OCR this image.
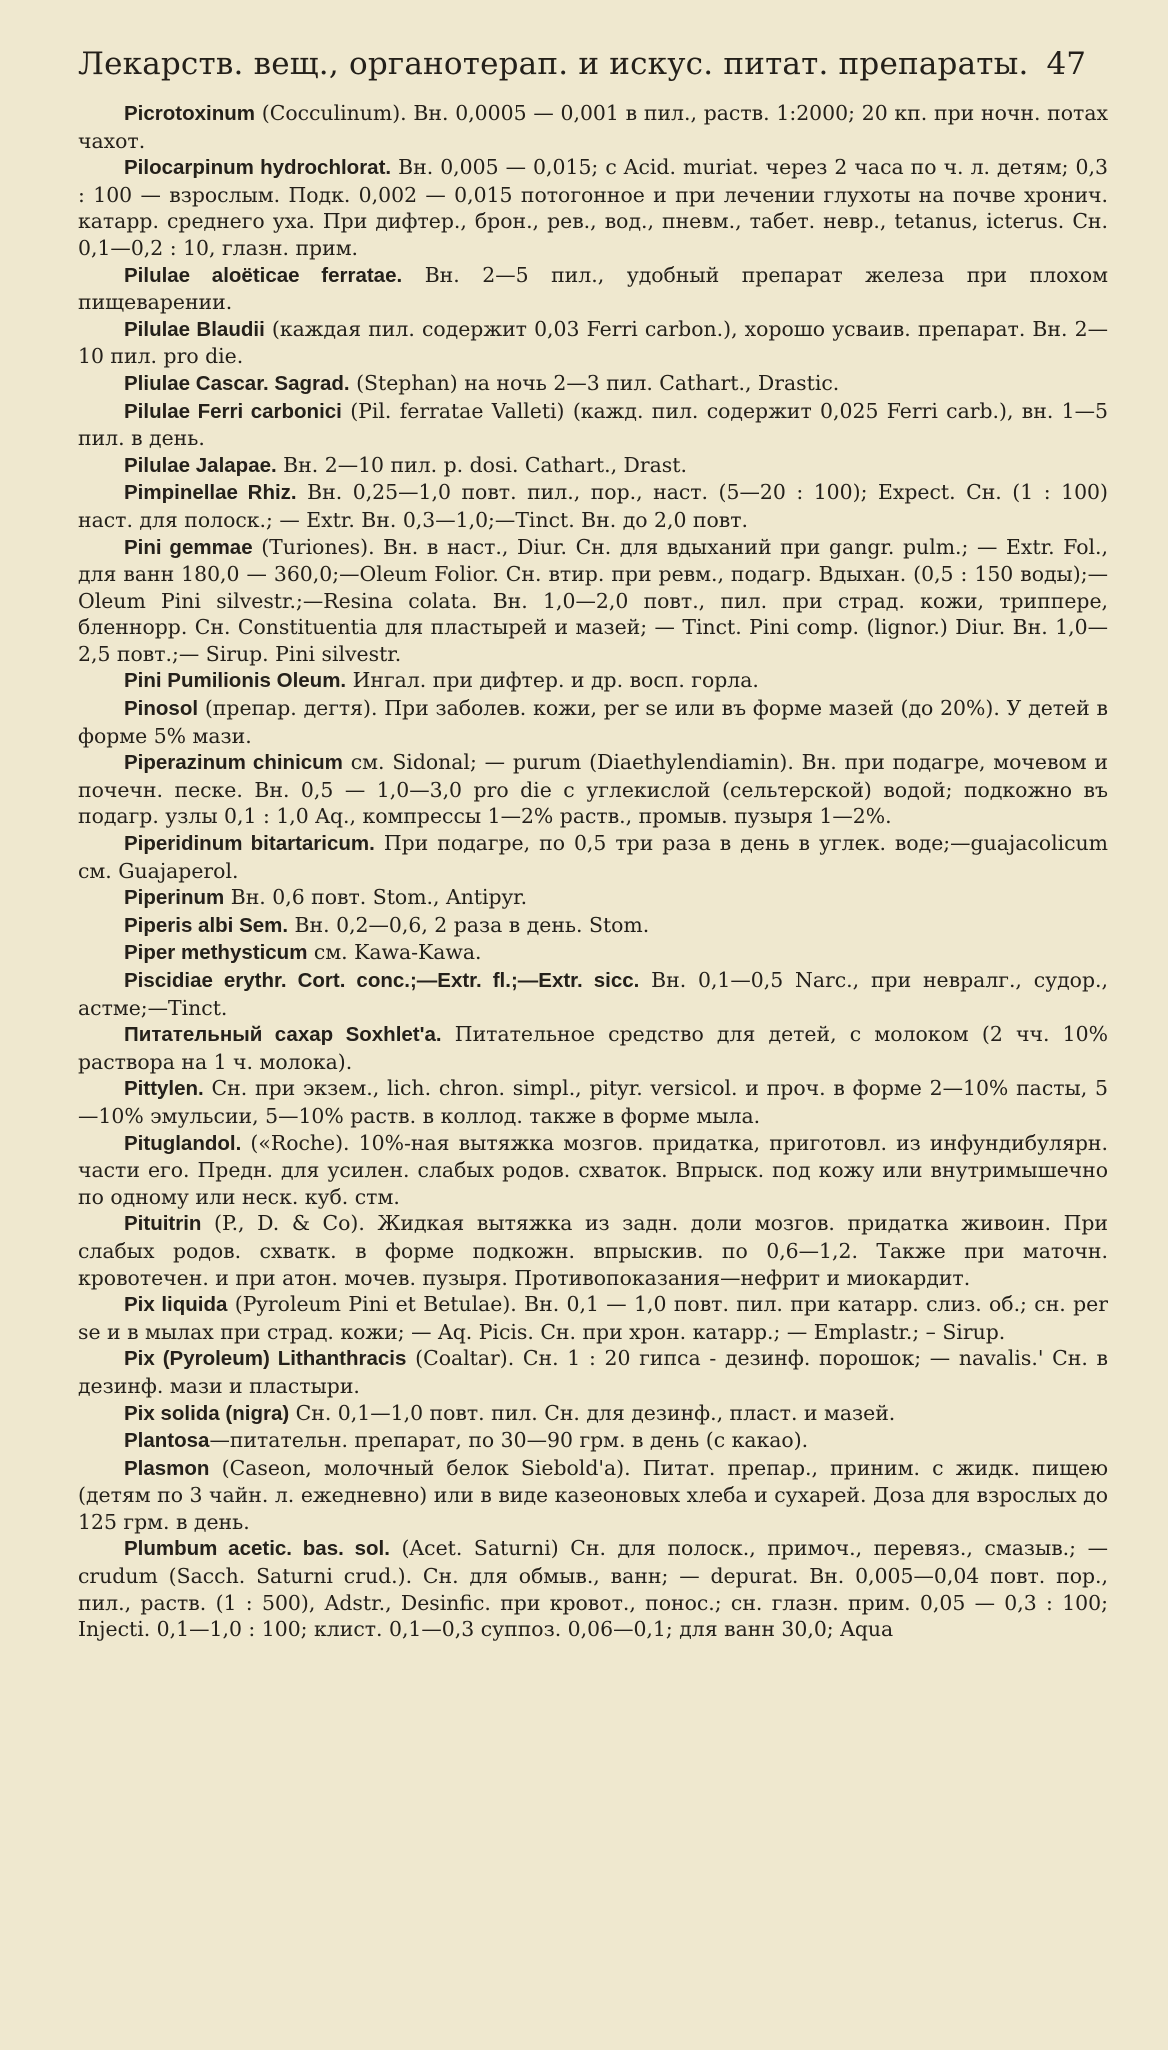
Лекарств. вещ., органотерап. и искус. питат. препараты. 47

Picrotoxinum (Cocculinum). Вн. 0,0005 — 0,001 в пил., раств. 1:2000; 20 кп. при ночн. потах чахот.

Pilocarpinum hydrochlorat. Вн. 0,005 — 0,015; с Acid. muriat. через 2 часа по ч. л. детям; 0,3 : 100 — взрослым. Подк. 0,002 — 0,015 потогонное и при лечении глухоты на почве хронич. катарр. среднего уха. При дифтер., брон., рев., вод., пневм., табет. невр., tetanus, icterus. Сн. 0,1—0,2 : 10, глазн. прим.

Pilulae aloëticae ferratae. Вн. 2—5 пил., удобный препарат железа при плохом пищеварении.

Pilulae Blaudii (каждая пил. содержит 0,03 Ferri carbon.), хорошо усваив. препарат. Вн. 2—10 пил. pro die.

Pliulae Cascar. Sagrad. (Stephan) на ночь 2—3 пил. Cathart., Drastic.

Pilulae Ferri carbonici (Pil. ferratae Valleti) (кажд. пил. содержит 0,025 Ferri carb.), вн. 1—5 пил. в день.

Pilulae Jalapae. Вн. 2—10 пил. p. dosi. Cathart., Drast.

Pimpinellae Rhiz. Вн. 0,25—1,0 повт. пил., пор., наст. (5—20 : 100); Expect. Сн. (1 : 100) наст. для полоск.; — Extr. Вн. 0,3—1,0;—Tinct. Вн. до 2,0 повт.

Pini gemmae (Turiones). Вн. в наст., Diur. Сн. для вдыханий при gangr. pulm.; — Extr. Fol., для ванн 180,0 — 360,0;—Oleum Folior. Сн. втир. при ревм., подагр. Вдыхан. (0,5 : 150 воды);—Oleum Pini silvestr.;—Resina colata. Вн. 1,0—2,0 повт., пил. при страд. кожи, триппере, бленнорр. Сн. Constituentia для пластырей и мазей; — Tinct. Pini comp. (lignor.) Diur. Вн. 1,0—2,5 повт.;— Sirup. Pini silvestr.

Pini Pumilionis Oleum. Ингал. при дифтер. и др. восп. горла.

Pinosol (препар. дегтя). При заболев. кожи, per se или въ форме мазей (до 20%). У детей в форме 5% мази.

Piperazinum chinicum см. Sidonal; — purum (Diaethylendiamin). Вн. при подагре, мочевом и почечн. песке. Вн. 0,5 — 1,0—3,0 pro die с углекислой (сельтерской) водой; подкожно въ подагр. узлы 0,1 : 1,0 Aq., компрессы 1—2% раств., промыв. пузыря 1—2%.

Piperidinum bitartaricum. При подагре, по 0,5 три раза в день в углек. воде;—guajacolicum см. Guajaperol.

Piperinum Вн. 0,6 повт. Stom., Antipyr.

Piperis albi Sem. Вн. 0,2—0,6, 2 раза в день. Stom.

Piper methysticum см. Kawa-Kawa.

Piscidiae erythr. Cort. conc.;—Extr. fl.;—Extr. sicc. Вн. 0,1—0,5 Narc., при невралг., судор., астме;—Tinct.

Питательный сахар Soxhlet'a. Питательное средство для детей, с молоком (2 чч. 10% раствора на 1 ч. молока).

Pittylen. Сн. при экзем., lich. chron. simpl., pityr. versicol. и проч. в форме 2—10% пасты, 5—10% эмульсии, 5—10% раств. в коллод. также в форме мыла.

Pituglandol. («Roche). 10%-ная вытяжка мозгов. придатка, приготовл. из инфундибулярн. части его. Предн. для усилен. слабых родов. схваток. Впрыск. под кожу или внутримышечно по одному или неск. куб. стм.

Pituitrin (P., D. & Co). Жидкая вытяжка из задн. доли мозгов. придатка живоин. При слабых родов. схватк. в форме подкожн. впрыскив. по 0,6—1,2. Также при маточн. кровотечен. и при атон. мочев. пузыря. Противопоказания—нефрит и миокардит.

Pix liquida (Pyroleum Pini et Betulae). Вн. 0,1 — 1,0 повт. пил. при катарр. слиз. об.; сн. per se и в мылах при страд. кожи; — Aq. Picis. Сн. при хрон. катарр.; — Emplastr.; – Sirup.

Pix (Pyroleum) Lithanthracis (Coaltar). Сн. 1 : 20 гипса - дезинф. порошок; — navalis.' Сн. в дезинф. мази и пластыри.

Pix solida (nigra) Сн. 0,1—1,0 повт. пил. Сн. для дезинф., пласт. и мазей.

Plantosa—питательн. препарат, по 30—90 грм. в день (с какао).

Plasmon (Caseon, молочный белок Siebold'a). Питат. препар., приним. с жидк. пищею (детям по 3 чайн. л. ежедневно) или в виде казеоновых хлеба и сухарей. Доза для взрослых до 125 грм. в день.

Plumbum acetic. bas. sol. (Acet. Saturni) Сн. для полоск., примоч., перевяз., смазыв.; — crudum (Sacch. Saturni crud.). Сн. для обмыв., ванн; — depurat. Вн. 0,005—0,04 повт. пор., пил., раств. (1 : 500), Adstr., Desinfic. при кровот., понос.; сн. глазн. прим. 0,05 — 0,3 : 100; Injecti. 0,1—1,0 : 100; клист. 0,1—0,3 суппоз. 0,06—0,1; для ванн 30,0; Aqua
